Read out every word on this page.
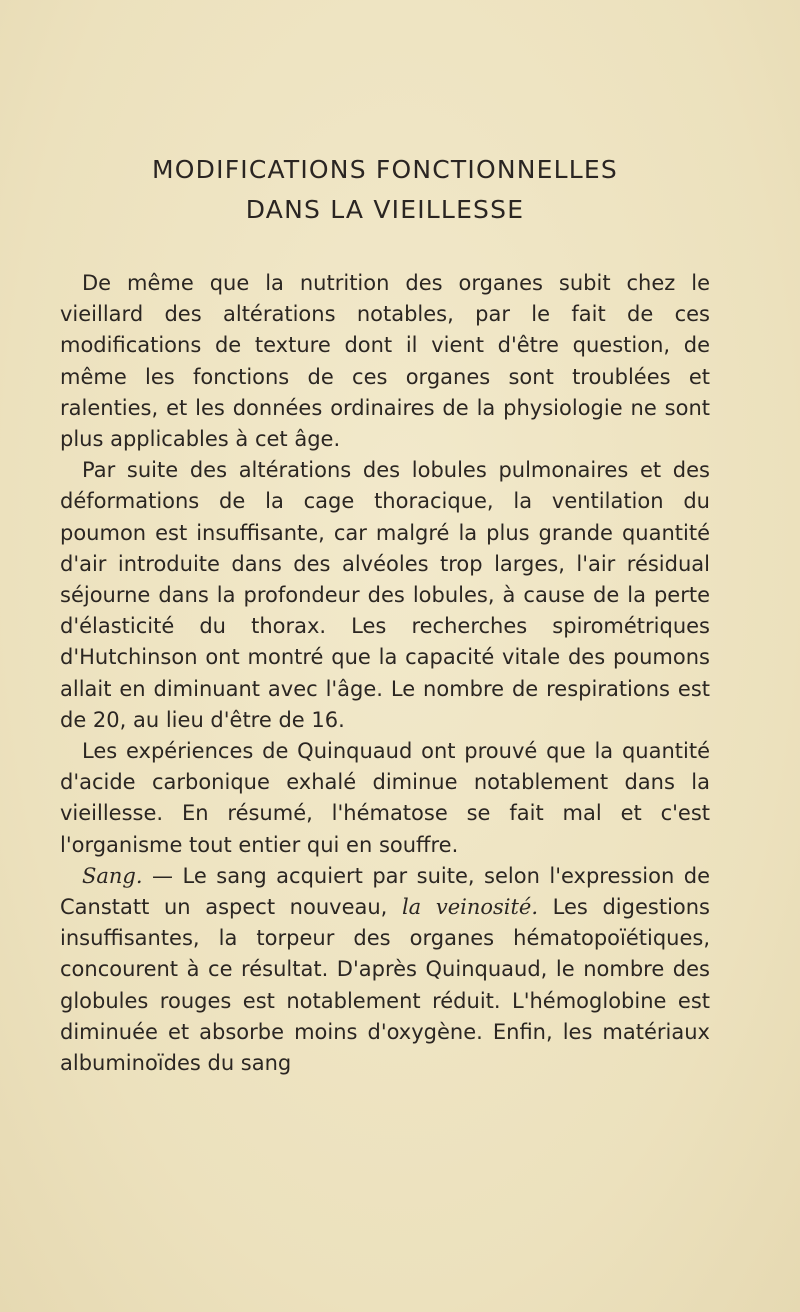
MODIFICATIONS FONCTIONNELLES
DANS LA VIEILLESSE

De même que la nutrition des organes subit chez le vieillard des altérations notables, par le fait de ces modifications de texture dont il vient d'être question, de même les fonctions de ces organes sont troublées et ralenties, et les données ordinaires de la physiologie ne sont plus applicables à cet âge.

Par suite des altérations des lobules pulmonaires et des déformations de la cage thoracique, la ventilation du poumon est insuffisante, car malgré la plus grande quantité d'air introduite dans des alvéoles trop larges, l'air résidual séjourne dans la profondeur des lobules, à cause de la perte d'élasticité du thorax. Les recherches spirométriques d'Hutchinson ont montré que la capacité vitale des poumons allait en diminuant avec l'âge. Le nombre de respirations est de 20, au lieu d'être de 16.

Les expériences de Quinquaud ont prouvé que la quantité d'acide carbonique exhalé diminue notablement dans la vieillesse. En résumé, l'hématose se fait mal et c'est l'organisme tout entier qui en souffre.

Sang. — Le sang acquiert par suite, selon l'expression de Canstatt un aspect nouveau, la veinosité. Les digestions insuffisantes, la torpeur des organes hématopoïétiques, concourent à ce résultat. D'après Quinquaud, le nombre des globules rouges est notablement réduit. L'hémoglobine est diminuée et absorbe moins d'oxygène. Enfin, les matériaux albuminoïdes du sang
